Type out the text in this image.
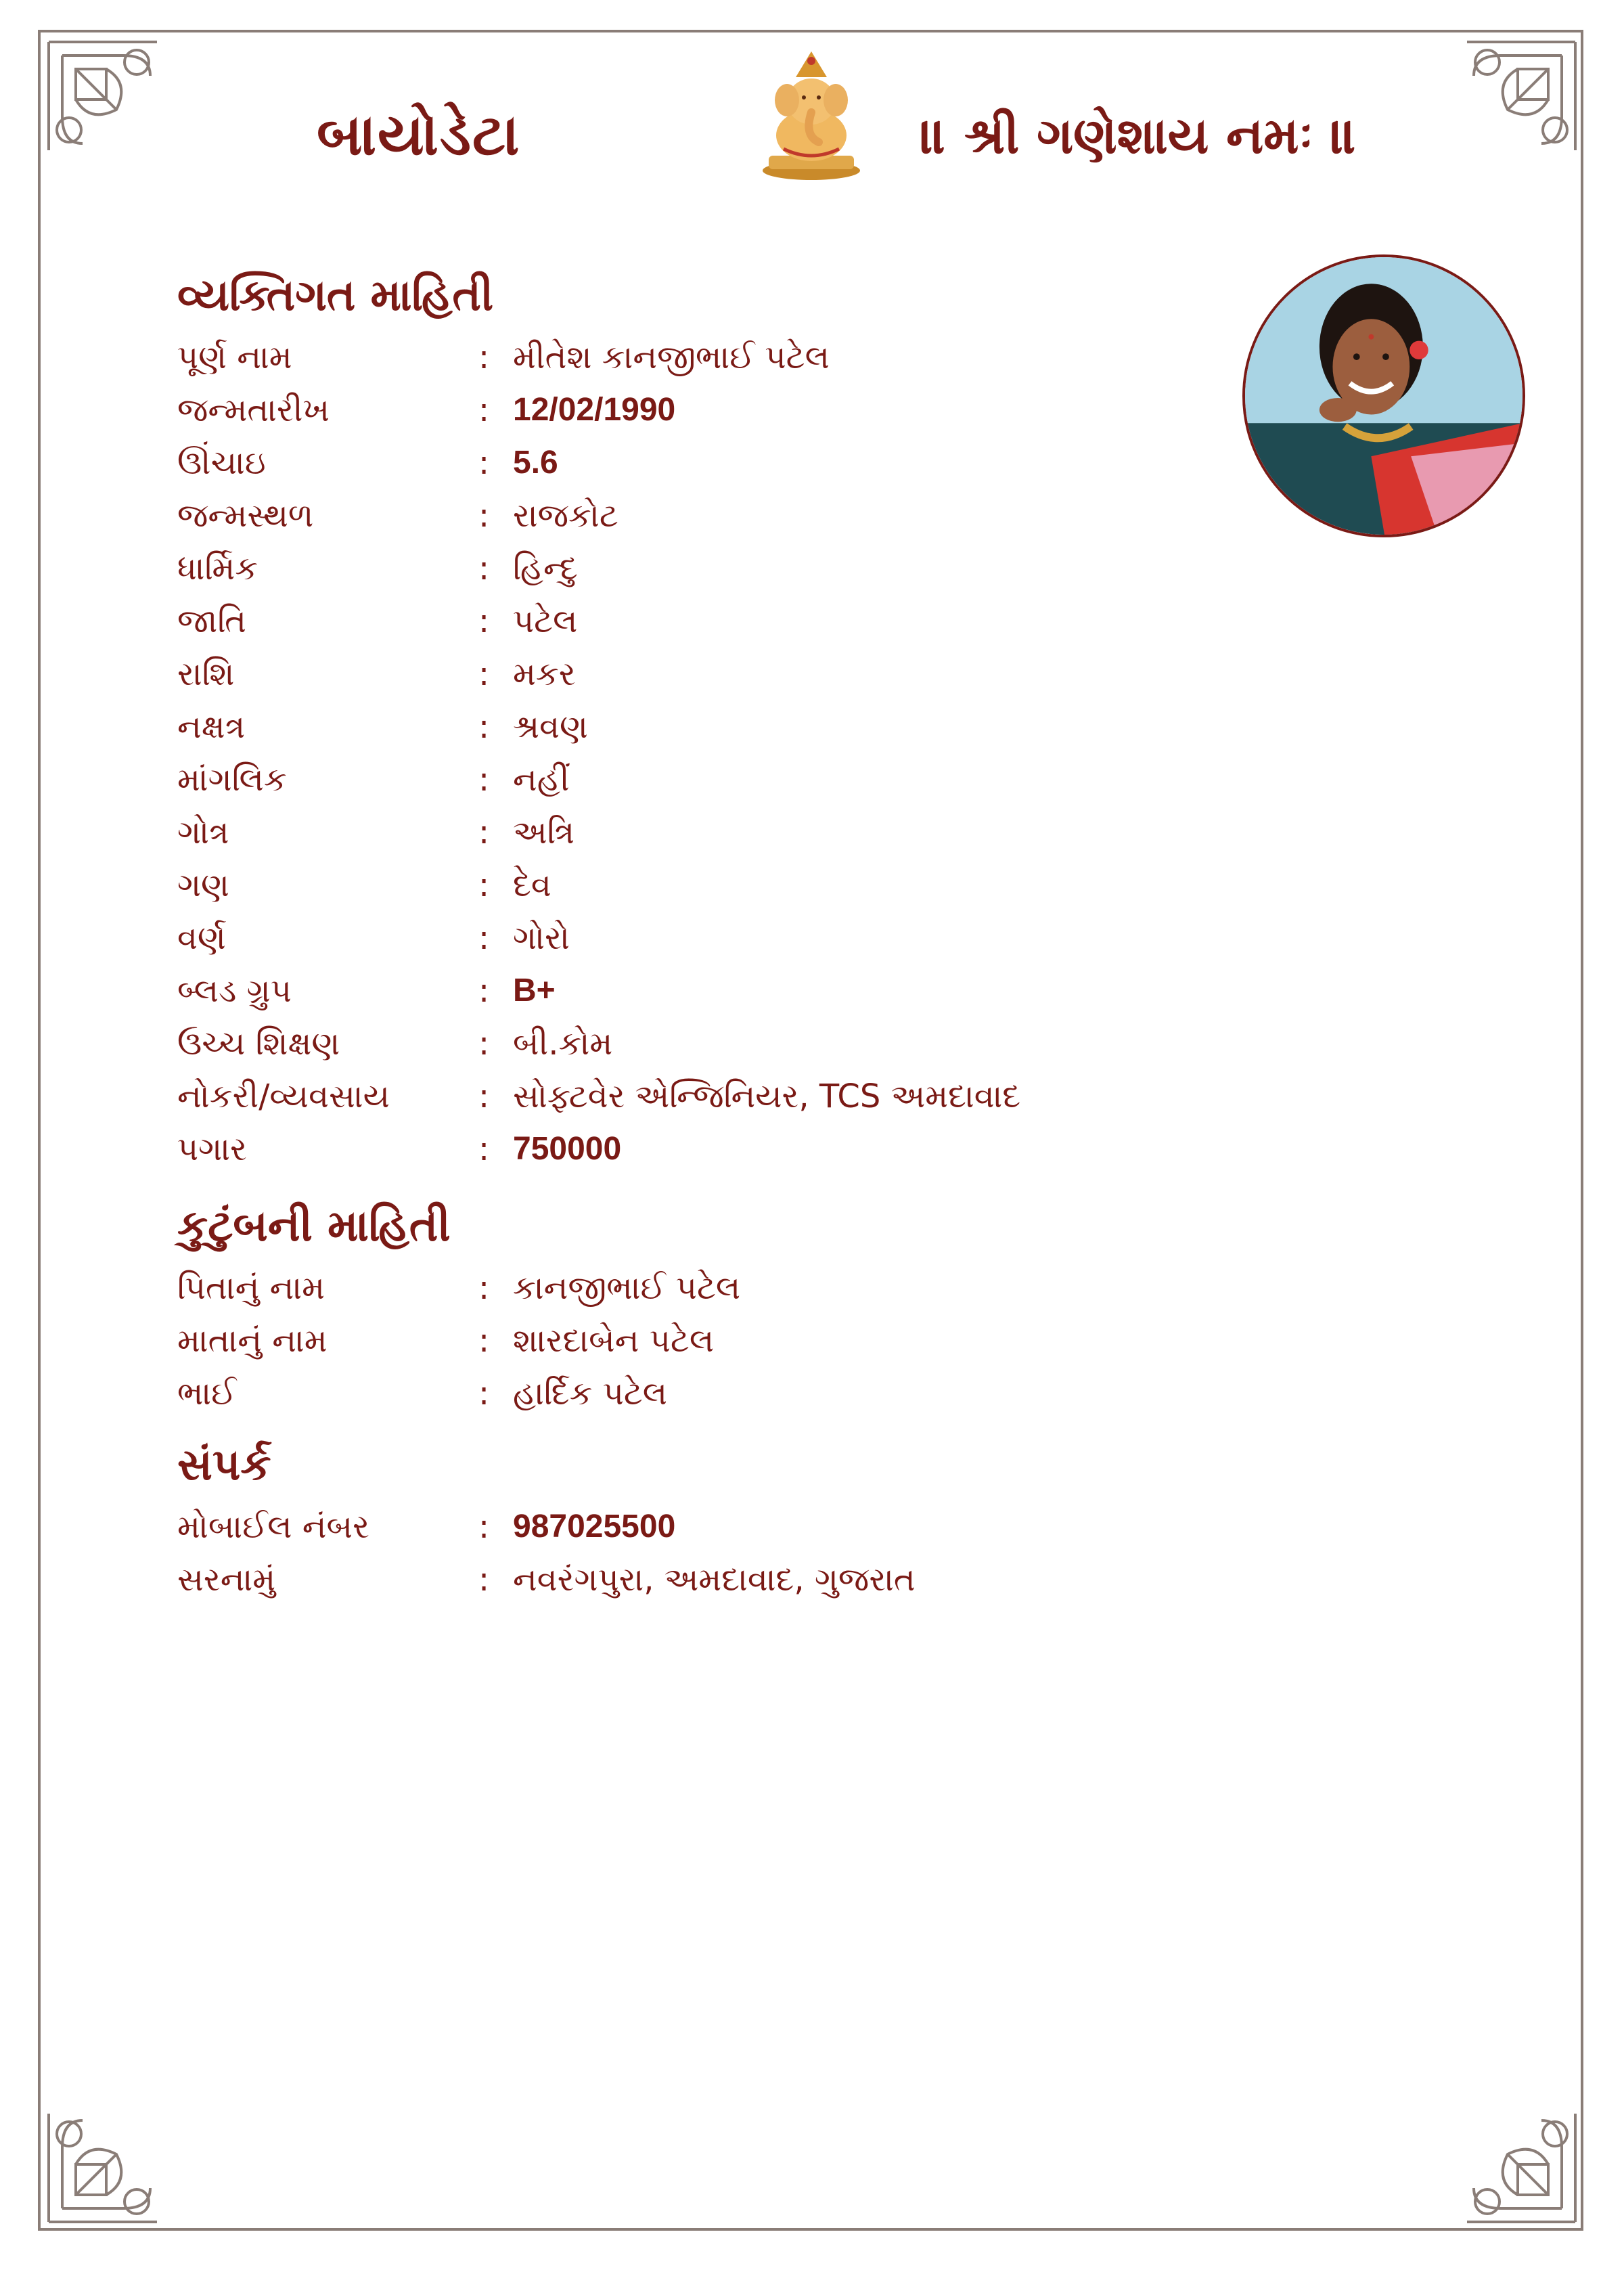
બાયોડેટા	॥ શ્રી ગણેશાય નમઃ ॥
વ્યક્તિગત માહિતી
પૂર્ણ નામ	: મીતેશ કાનજીભાઈ પટેલ
જન્મતારીખ	: 12/02/1990
ઊંચાઇ	: 5.6
જન્મસ્થળ	: રાજકોટ
ધાર્મિક	: હિન્દુ
જાતિ	: પટેલ
રાશિ	: મકર
નક્ષત્ર	: શ્રવણ
માંગલિક	: નહીં
ગોત્ર	: અત્રિ
ગણ	: દેવ
વર્ણ	: ગોરો
બ્લડ ગ્રુપ	: B+
ઉચ્ચ શિક્ષણ	: બી.કોમ
નોકરી/વ્યવસાય	: સોફ્ટવેર એન્જિનિયર, TCS અમદાવાદ
પગાર	: 750000
કુટુંબની માહિતી
પિતાનું નામ	: કાનજીભાઈ પટેલ
માતાનું નામ	: શારદાબેન પટેલ
ભાઈ	: હાર્દિક પટેલ
સંપર્ક
મોબાઈલ નંબર	: 987025500
સરનામું	: નવરંગપુરા, અમદાવાદ, ગુજરાત
